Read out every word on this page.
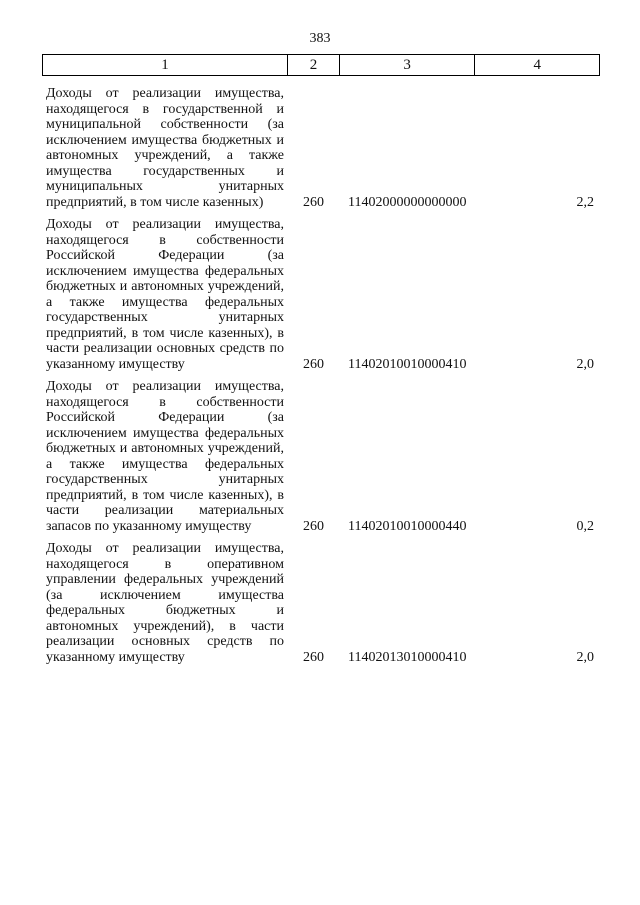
383
1	2	3	4
Доходы от реализации имущества, находящегося в государственной и муниципальной собственности (за исключением имущества бюджетных и автономных учреждений, а также имущества государственных и муниципальных унитарных предприятий, в том числе казенных)	260 11402000000000000	2,2
Доходы от реализации имущества, находящегося в собственности Российской Федерации (за исключением имущества федеральных бюджетных и автономных учреждений, а также имущества федеральных государственных унитарных предприятий, в том числе казенных), в части реализации основных средств по указанному имуществу	260 11402010010000410	2,0
Доходы от реализации имущества, находящегося в собственности Российской Федерации (за исключением имущества федеральных бюджетных и автономных учреждений, а также имущества федеральных государственных унитарных предприятий, в том числе казенных), в части реализации материальных запасов по указанному имуществу	260 11402010010000440	0,2
Доходы от реализации имущества, находящегося в оперативном управлении федеральных учреждений (за исключением имущества федеральных бюджетных и автономных учреждений), в части реализации основных средств по указанному имуществу	260 11402013010000410	2,0
